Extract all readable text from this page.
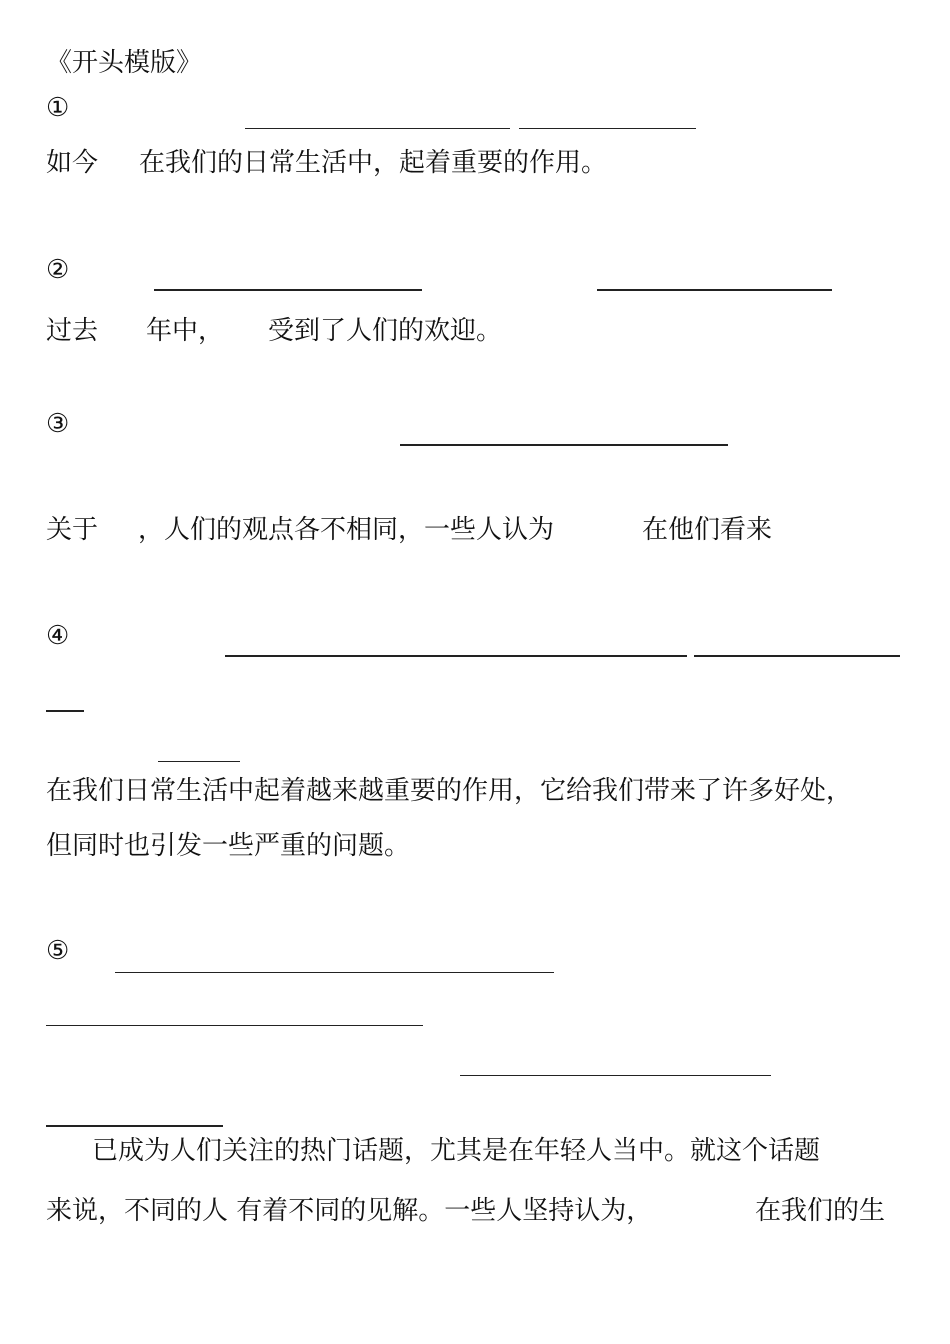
《开头模版》
①
如今 在我们的日常生活中，起着重要的作用。
②
过去 年中， 受到了人们的欢迎。
③
关于 ，人们的观点各不相同，一些人认为	在他们看来
④
在我们日常生活中起着越来越重要的作用，它给我们带来了许多好处，
但同时也引发一些严重的问题。
⑤
已成为人们关注的热门话题，尤其是在年轻人当中。就这个话题
来说，不同的人 有着不同的见解。一些人坚持认为，	在我们的生
